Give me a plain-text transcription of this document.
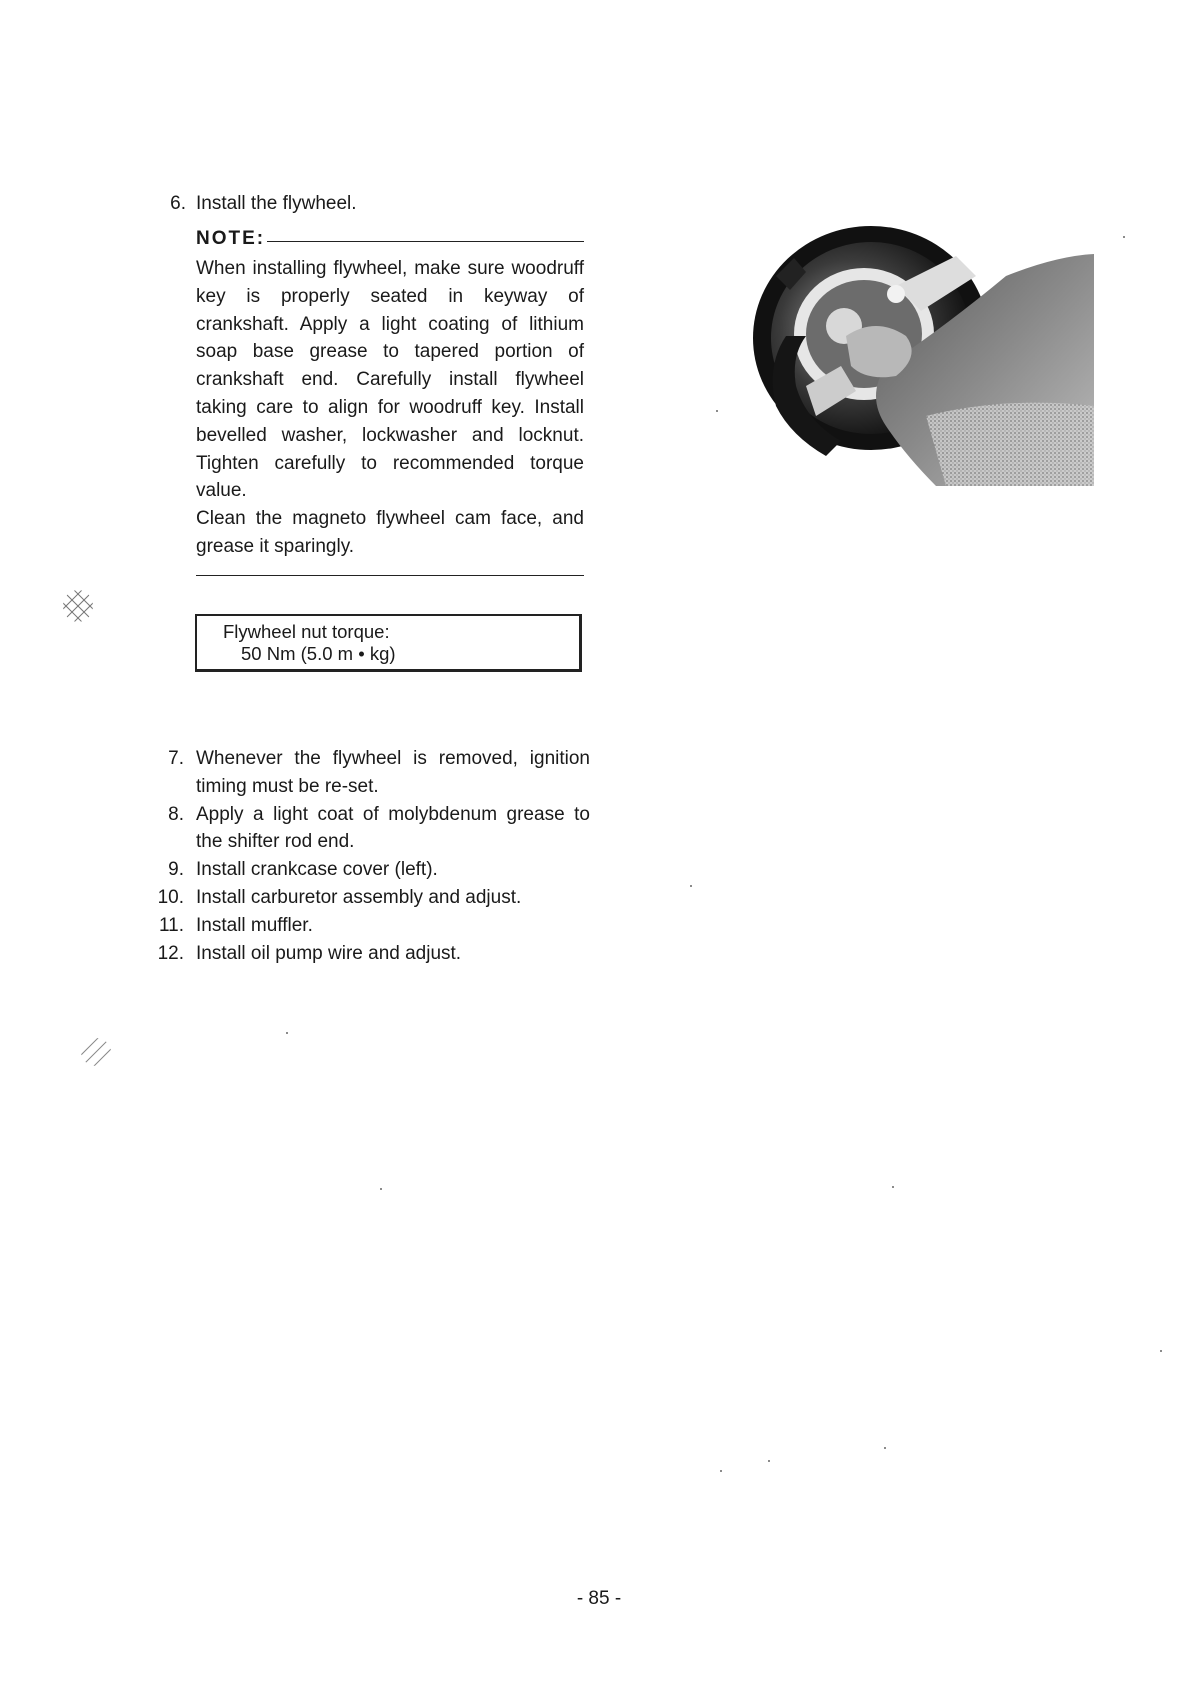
6. Install the flywheel.
NOTE:

When installing flywheel, make sure woodruff key is properly seated in keyway of crankshaft. Apply a light coating of lithium soap base grease to tapered portion of crankshaft end. Carefully install flywheel taking care to align for woodruff key. Install bevelled washer, lockwasher and locknut. Tighten carefully to recommended torque value.

Clean the magneto flywheel cam face, and grease it sparingly.

Flywheel nut torque:
50 Nm (5.0 m • kg)
7. Whenever the flywheel is removed, ignition timing must be re-set.
8. Apply a light coat of molybdenum grease to the shifter rod end.
9. Install crankcase cover (left).
10. Install carburetor assembly and adjust.
11. Install muffler.
12. Install oil pump wire and adjust.
- 85 -
